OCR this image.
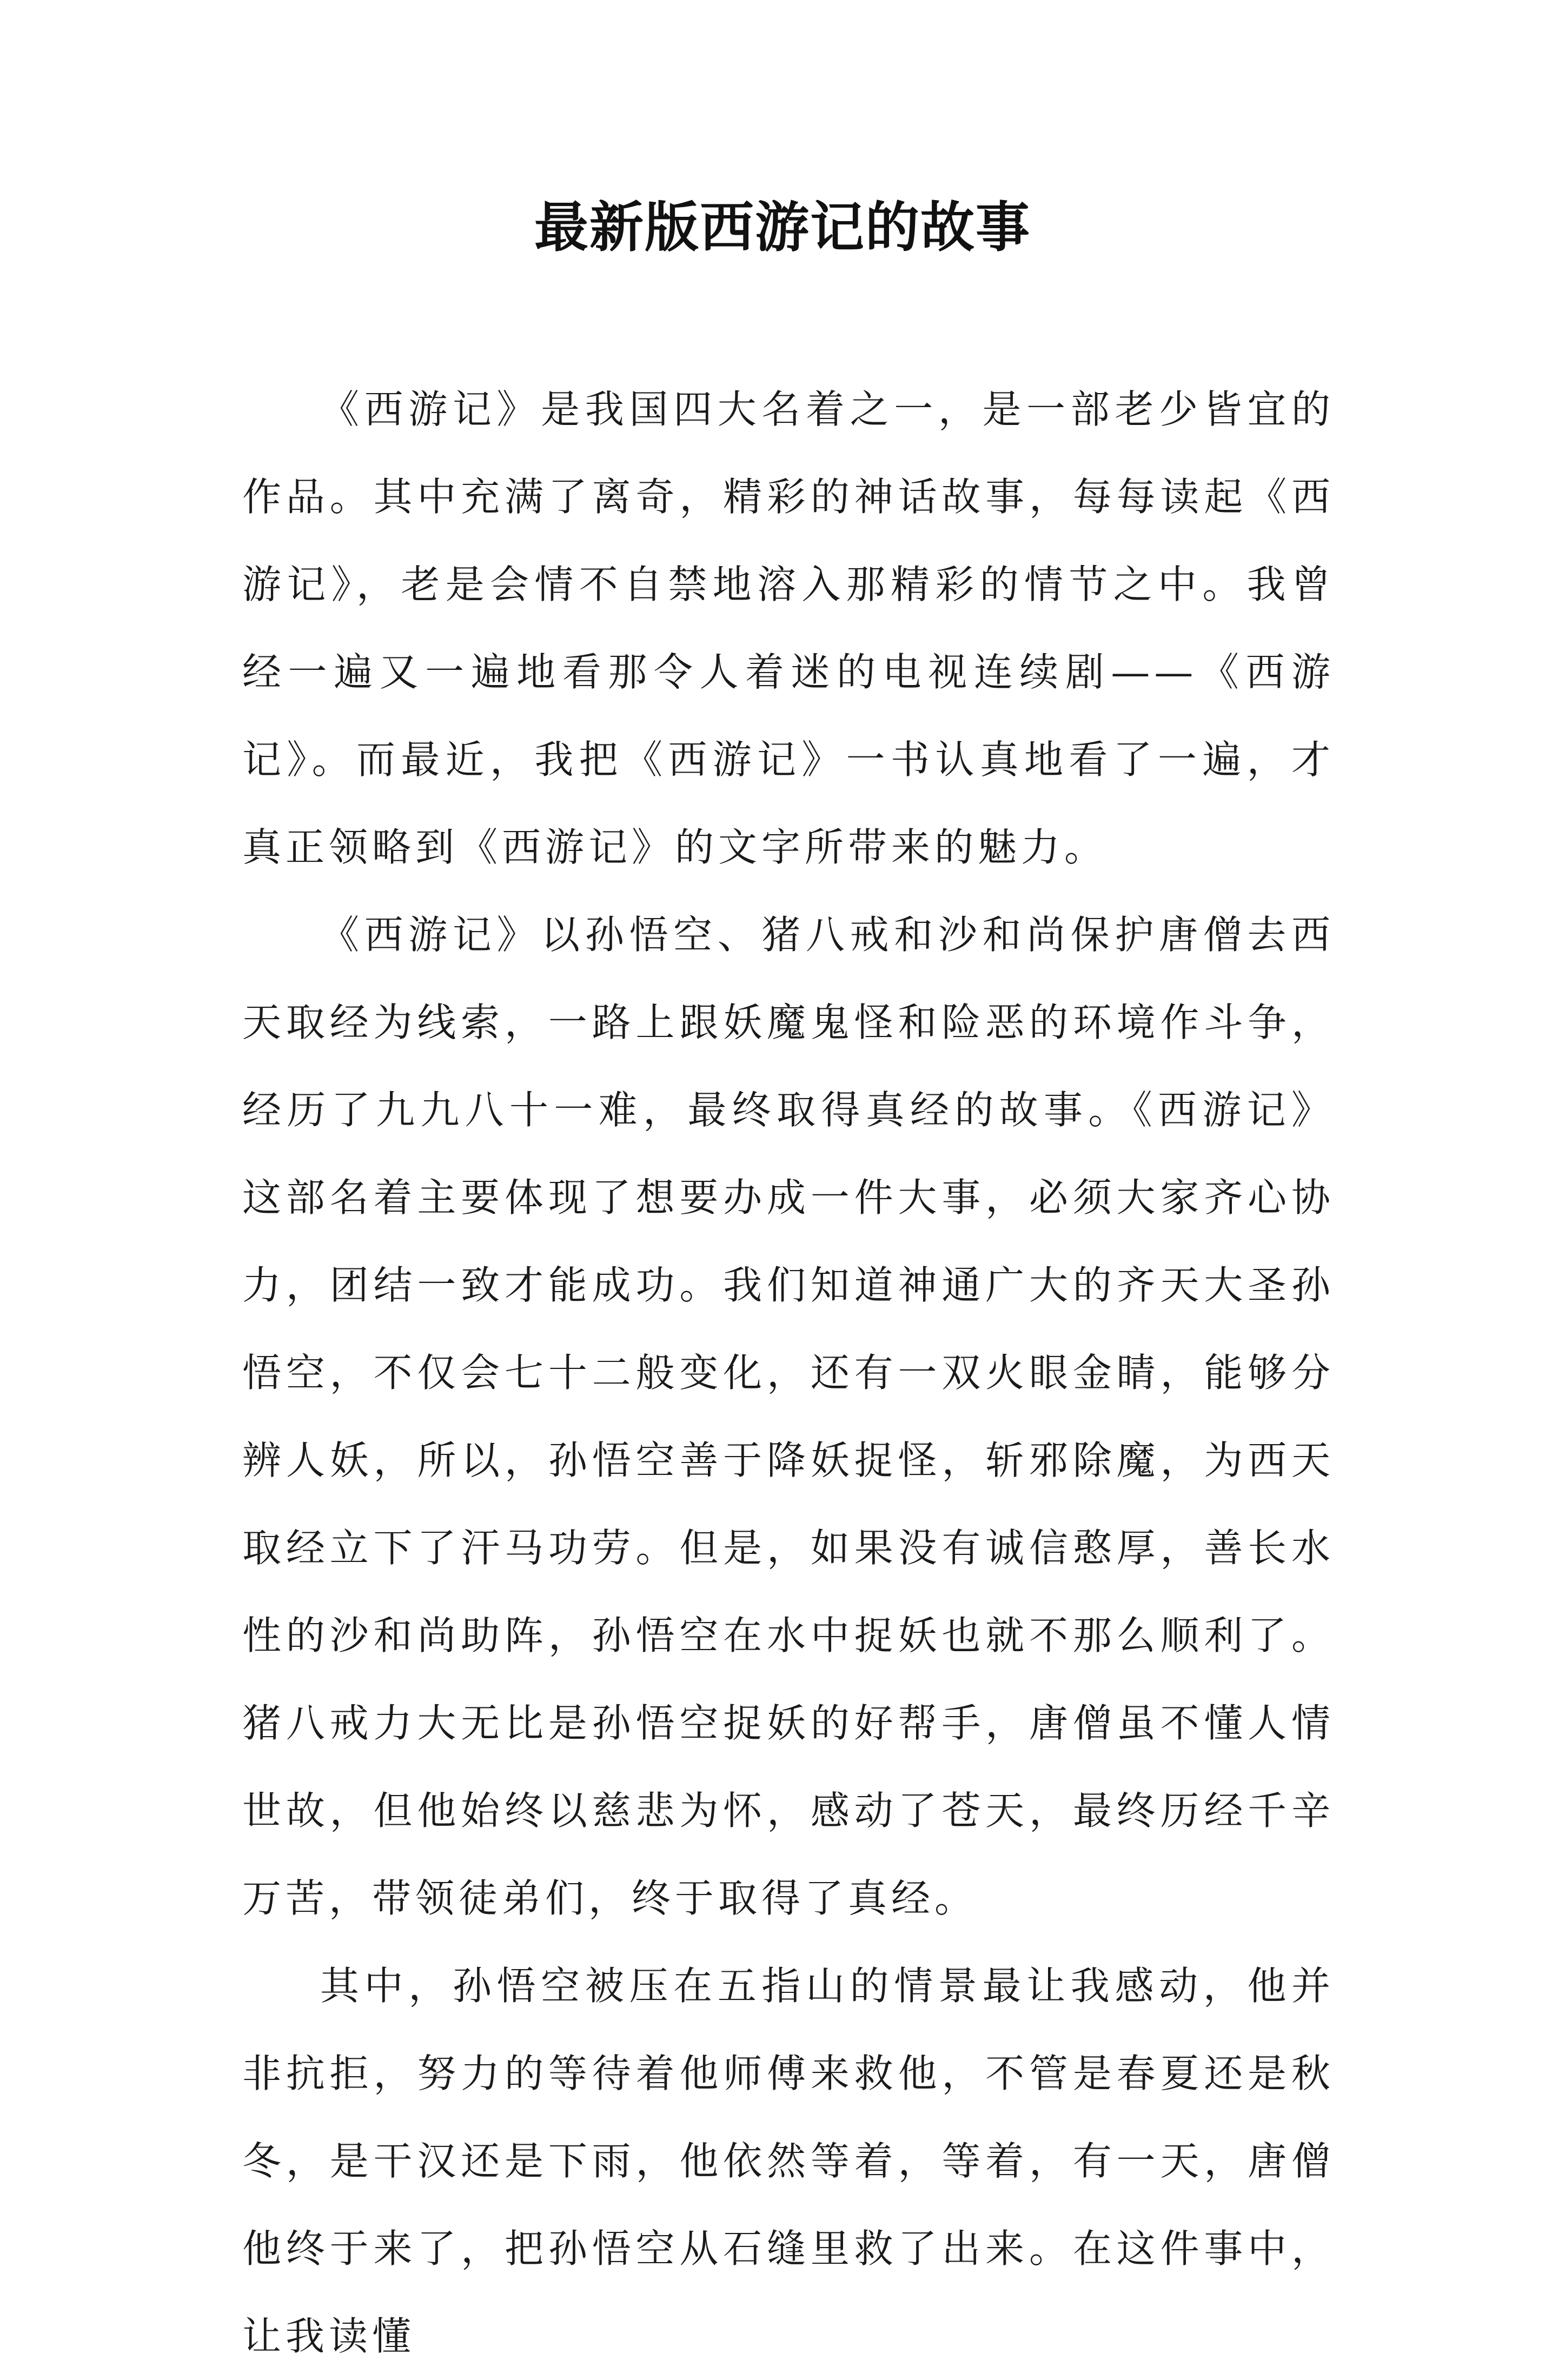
最新版西游记的故事

《西游记》是我国四大名着之一，是一部老少皆宜的作品。其中充满了离奇，精彩的神话故事，每每读起《西游记》，老是会情不自禁地溶入那精彩的情节之中。我曾经一遍又一遍地看那令人着迷的电视连续剧——《西游记》。而最近，我把《西游记》一书认真地看了一遍，才真正领略到《西游记》的文字所带来的魅力。

《西游记》以孙悟空、猪八戒和沙和尚保护唐僧去西天取经为线索，一路上跟妖魔鬼怪和险恶的环境作斗争，经历了九九八十一难，最终取得真经的故事。《西游记》这部名着主要体现了想要办成一件大事，必须大家齐心协力，团结一致才能成功。我们知道神通广大的齐天大圣孙悟空，不仅会七十二般变化，还有一双火眼金睛，能够分辨人妖，所以，孙悟空善于降妖捉怪，斩邪除魔，为西天取经立下了汗马功劳。但是，如果没有诚信憨厚，善长水性的沙和尚助阵，孙悟空在水中捉妖也就不那么顺利了。猪八戒力大无比是孙悟空捉妖的好帮手，唐僧虽不懂人情世故，但他始终以慈悲为怀，感动了苍天，最终历经千辛万苦，带领徒弟们，终于取得了真经。

其中，孙悟空被压在五指山的情景最让我感动，他并非抗拒，努力的等待着他师傅来救他，不管是春夏还是秋冬，是干汉还是下雨，他依然等着，等着，有一天，唐僧他终于来了，把孙悟空从石缝里救了出来。在这件事中，让我读懂
